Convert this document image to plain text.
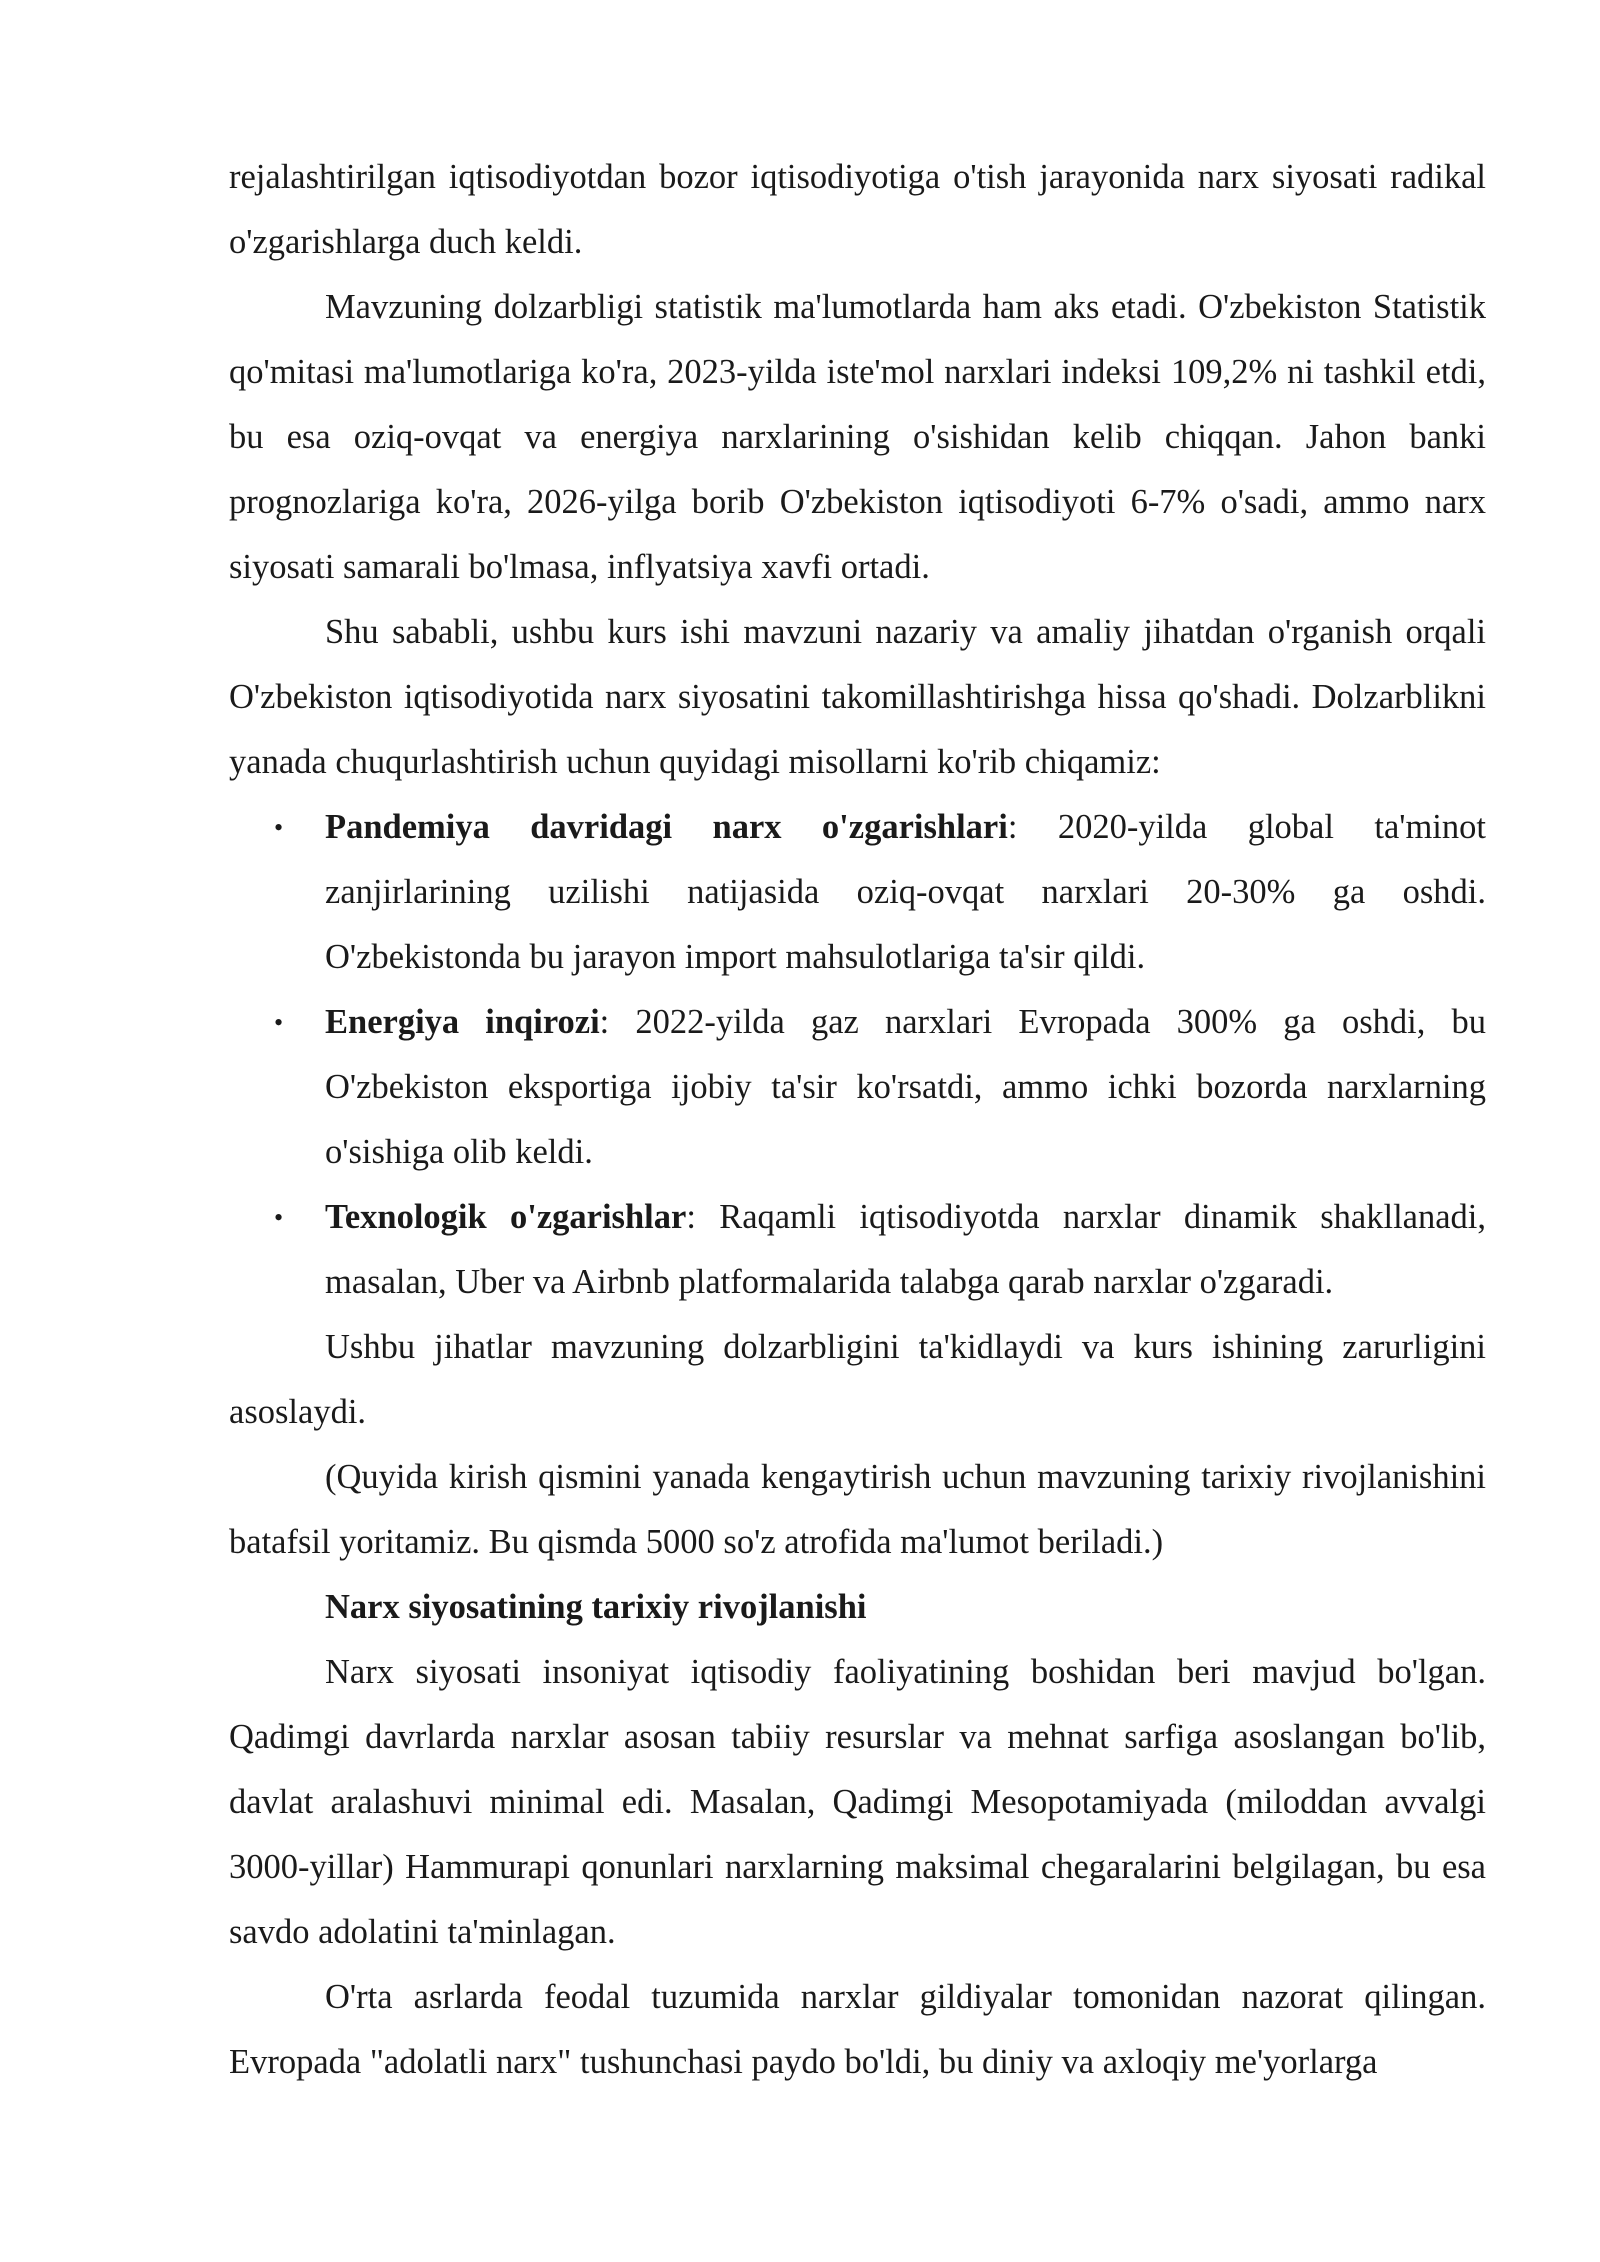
rejalashtirilgan iqtisodiyotdan bozor iqtisodiyotiga o'tish jarayonida narx siyosati radikal o'zgarishlarga duch keldi.

Mavzuning dolzarbligi statistik ma'lumotlarda ham aks etadi. O'zbekiston Statistik qo'mitasi ma'lumotlariga ko'ra, 2023-yilda iste'mol narxlari indeksi 109,2% ni tashkil etdi, bu esa oziq-ovqat va energiya narxlarining o'sishidan kelib chiqqan. Jahon banki prognozlariga ko'ra, 2026-yilga borib O'zbekiston iqtisodiyoti 6-7% o'sadi, ammo narx siyosati samarali bo'lmasa, inflyatsiya xavfi ortadi.

Shu sababli, ushbu kurs ishi mavzuni nazariy va amaliy jihatdan o'rganish orqali O'zbekiston iqtisodiyotida narx siyosatini takomillashtirishga hissa qo'shadi. Dolzarblikni yanada chuqurlashtirish uchun quyidagi misollarni ko'rib chiqamiz:

• Pandemiya davridagi narx o'zgarishlari: 2020-yilda global ta'minot zanjirlarining uzilishi natijasida oziq-ovqat narxlari 20-30% ga oshdi. O'zbekistonda bu jarayon import mahsulotlariga ta'sir qildi.
• Energiya inqirozi: 2022-yilda gaz narxlari Evropada 300% ga oshdi, bu O'zbekiston eksportiga ijobiy ta'sir ko'rsatdi, ammo ichki bozorda narxlarning o'sishiga olib keldi.
• Texnologik o'zgarishlar: Raqamli iqtisodiyotda narxlar dinamik shakllanadi, masalan, Uber va Airbnb platformalarida talabga qarab narxlar o'zgaradi.

Ushbu jihatlar mavzuning dolzarbligini ta'kidlaydi va kurs ishining zarurligini asoslaydi.

(Quyida kirish qismini yanada kengaytirish uchun mavzuning tarixiy rivojlanishini batafsil yoritamiz. Bu qismda 5000 so'z atrofida ma'lumot beriladi.)

Narx siyosatining tarixiy rivojlanishi

Narx siyosati insoniyat iqtisodiy faoliyatining boshidan beri mavjud bo'lgan. Qadimgi davrlarda narxlar asosan tabiiy resurslar va mehnat sarfiga asoslangan bo'lib, davlat aralashuvi minimal edi. Masalan, Qadimgi Mesopotamiyada (miloddan avvalgi 3000-yillar) Hammurapi qonunlari narxlarning maksimal chegaralarini belgilagan, bu esa savdo adolatini ta'minlagan.

O'rta asrlarda feodal tuzumida narxlar gildiyalar tomonidan nazorat qilingan. Evropada "adolatli narx" tushunchasi paydo bo'ldi, bu diniy va axloqiy me'yorlarga
